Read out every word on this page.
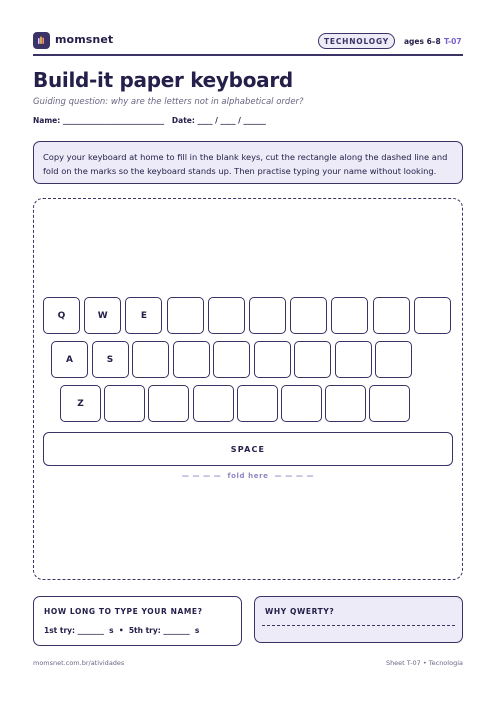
momsnet	TECHNOLOGY	ages 6–8 T-07
Build-it paper keyboard
Guiding question: why are the letters not in alphabetical order?
Name: ___________________________   Date: ____ / ____ / ______
Copy your keyboard at home to fill in the blank keys, cut the rectangle along the dashed line and fold on the marks so the keyboard stands up. Then practise typing your name without looking.
Q	W	E
A	S
Z
SPACE
— — — —  fold here  — — — —
HOW LONG TO TYPE YOUR NAME?
1st try: _______  s  •  5th try: _______  s
WHY QWERTY?
momsnet.com.br/atividades	Sheet T-07 • Tecnologia
